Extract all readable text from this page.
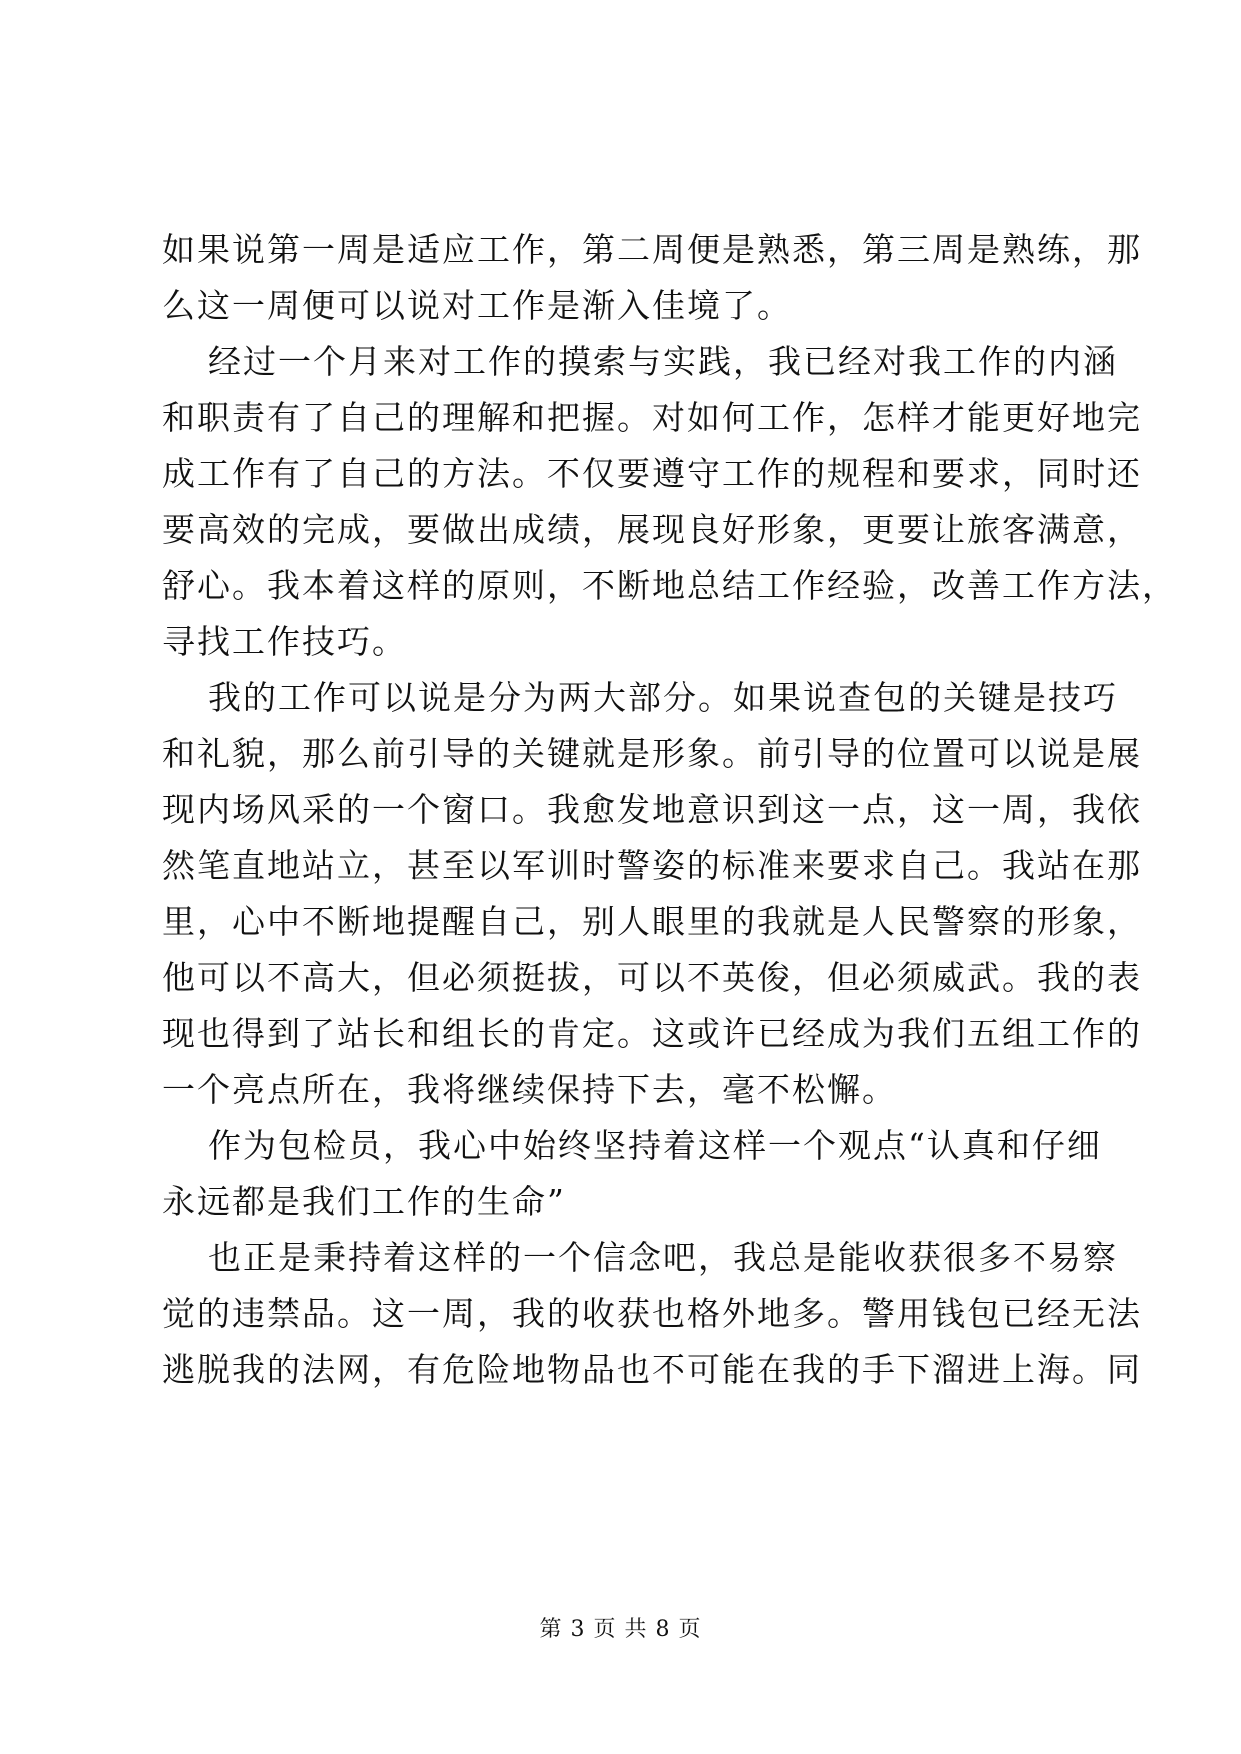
如果说第一周是适应工作，第二周便是熟悉，第三周是熟练，那
么这一周便可以说对工作是渐入佳境了。
经过一个月来对工作的摸索与实践，我已经对我工作的内涵
和职责有了自己的理解和把握。对如何工作，怎样才能更好地完
成工作有了自己的方法。不仅要遵守工作的规程和要求，同时还
要高效的完成，要做出成绩，展现良好形象，更要让旅客满意，
舒心。我本着这样的原则，不断地总结工作经验，改善工作方法，
寻找工作技巧。
我的工作可以说是分为两大部分。如果说查包的关键是技巧
和礼貌，那么前引导的关键就是形象。前引导的位置可以说是展
现内场风采的一个窗口。我愈发地意识到这一点，这一周，我依
然笔直地站立，甚至以军训时警姿的标准来要求自己。我站在那
里，心中不断地提醒自己，别人眼里的我就是人民警察的形象，
他可以不高大，但必须挺拔，可以不英俊，但必须威武。我的表
现也得到了站长和组长的肯定。这或许已经成为我们五组工作的
一个亮点所在，我将继续保持下去，毫不松懈。
作为包检员，我心中始终坚持着这样一个观点“认真和仔细
永远都是我们工作的生命”
也正是秉持着这样的一个信念吧，我总是能收获很多不易察
觉的违禁品。这一周，我的收获也格外地多。警用钱包已经无法
逃脱我的法网，有危险地物品也不可能在我的手下溜进上海。同
第 3 页 共 8 页
